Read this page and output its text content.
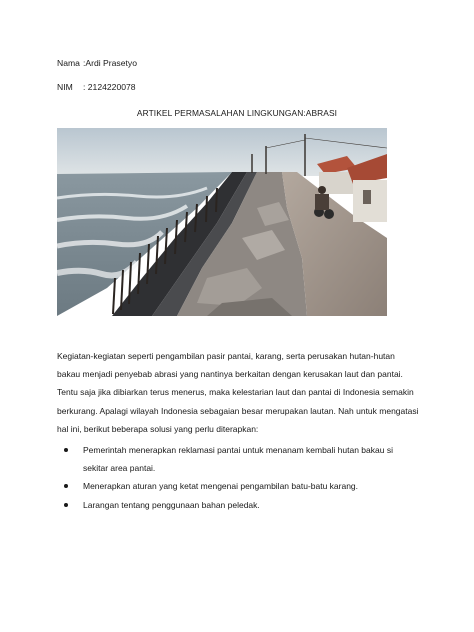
Nama :Ardi Prasetyo
NIM	: 2124220078
ARTIKEL PERMASALAHAN LINGKUNGAN:ABRASI

Kegiatan-kegiatan seperti pengambilan pasir pantai, karang, serta perusakan hutan-hutan bakau menjadi penyebab abrasi yang nantinya berkaitan dengan kerusakan laut dan pantai. Tentu saja jika dibiarkan terus menerus, maka kelestarian laut dan pantai di Indonesia semakin berkurang. Apalagi wilayah Indonesia sebagaian besar merupakan lautan. Nah untuk mengatasi hal ini, berikut beberapa solusi yang perlu diterapkan:

Pemerintah menerapkan reklamasi pantai untuk menanam kembali hutan bakau si sekitar area pantai.
Menerapkan aturan yang ketat mengenai pengambilan batu-batu karang.
Larangan tentang penggunaan bahan peledak.
